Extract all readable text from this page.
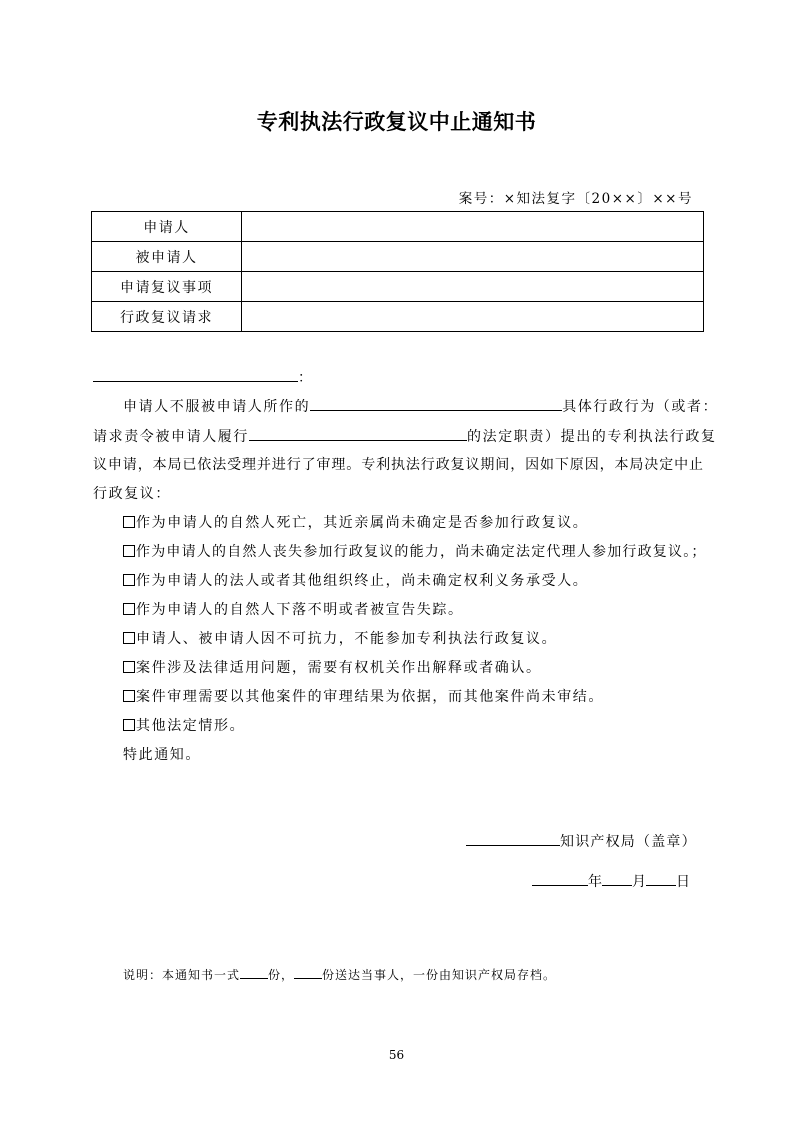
专利执法行政复议中止通知书
案号：×知法复字〔20××〕××号
申请人	
被申请人	
申请复议事项	
行政复议请求	
：
申请人不服被申请人所作的	具体行政行为（或者：
请求责令被申请人履行	的法定职责）提出的专利执法行政复
议申请，本局已依法受理并进行了审理。专利执法行政复议期间，因如下原因，本局决定中止
行政复议：
作为申请人的自然人死亡，其近亲属尚未确定是否参加行政复议。
作为申请人的自然人丧失参加行政复议的能力，尚未确定法定代理人参加行政复议。；
作为申请人的法人或者其他组织终止，尚未确定权利义务承受人。
作为申请人的自然人下落不明或者被宣告失踪。
申请人、被申请人因不可抗力，不能参加专利执法行政复议。
案件涉及法律适用问题，需要有权机关作出解释或者确认。
案件审理需要以其他案件的审理结果为依据，而其他案件尚未审结。
其他法定情形。
特此通知。
知识产权局（盖章）
年 月 日
说明：本通知书一式 份， 份送达当事人，一份由知识产权局存档。
56
